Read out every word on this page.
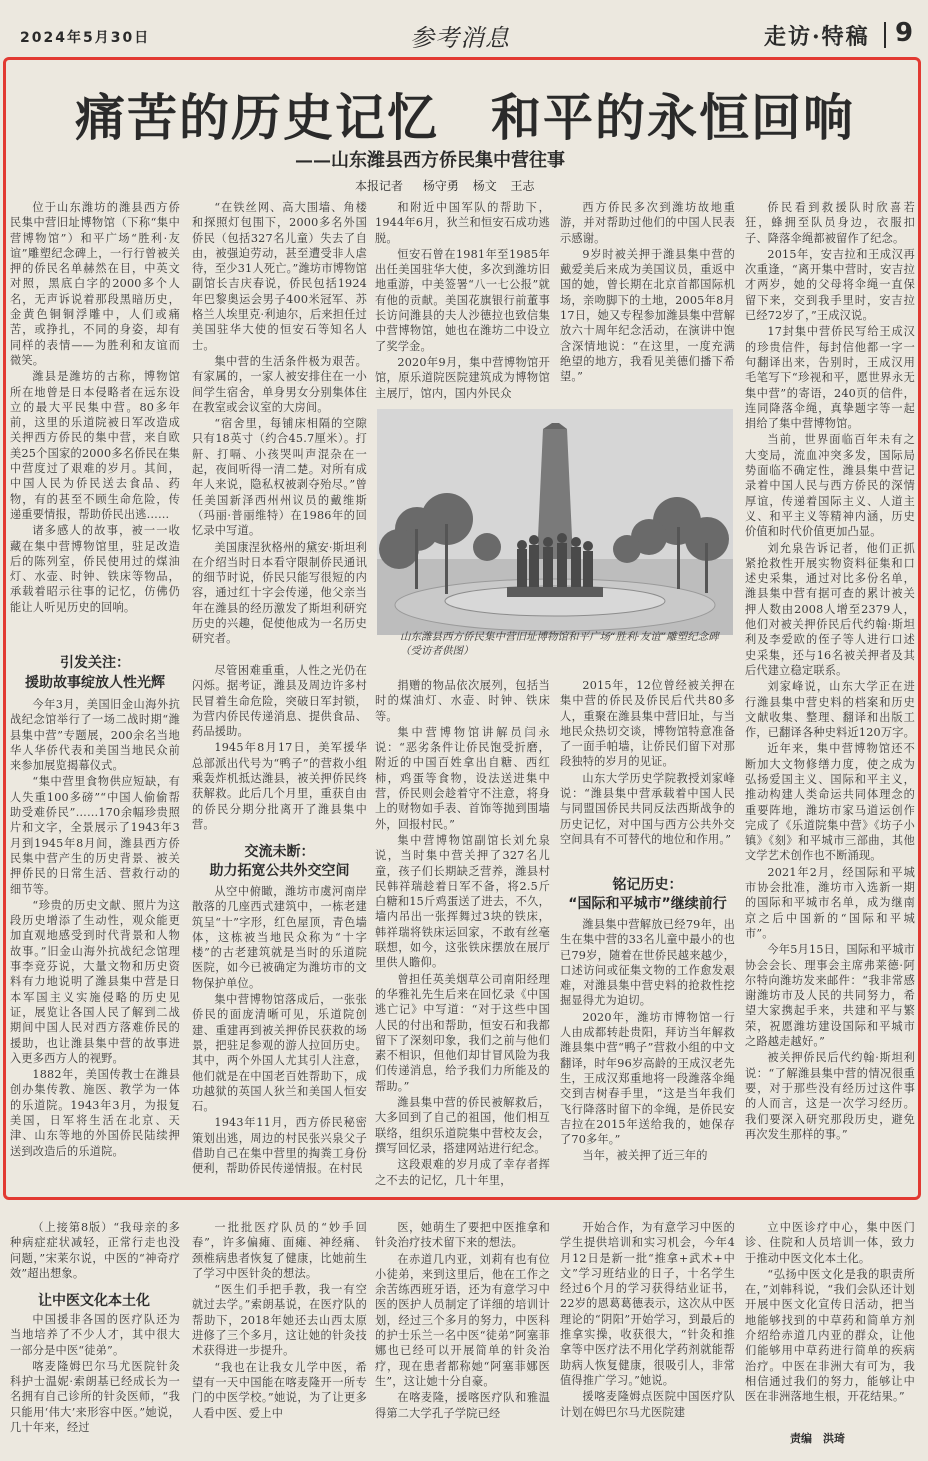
2024年5月30日	参考消息	走访·特稿 9
痛苦的历史记忆　和平的永恒回响
——山东潍县西方侨民集中营往事
本报记者 杨守勇 杨文 王志

位于山东潍坊的潍县西方侨民集中营旧址博物馆（下称“集中营博物馆”）和平广场“胜利·友谊”雕塑纪念碑上，一行行曾被关押的侨民名单赫然在目，中英文对照，黑底白字的2000多个人名，无声诉说着那段黑暗历史，金黄色铜铜浮雕中，人们或痛苦，或挣扎，不同的身姿，却有同样的表情——为胜利和友谊而微笑。

潍县是潍坊的古称，博物馆所在地曾是日本侵略者在远东设立的最大平民集中营。80多年前，这里的乐道院被日军改造成关押西方侨民的集中营，来自欧美25个国家的2000多名侨民在集中营度过了艰难的岁月。其间，中国人民为侨民送去食品、药物，有的甚至不顾生命危险，传递重要情报，帮助侨民出逃……

诸多感人的故事，被一一收藏在集中营博物馆里，驻足改造后的陈列室，侨民使用过的煤油灯、水壶、时钟、铁床等物品，承载着昭示往事的记忆，仿佛仍能让人听见历史的回响。

引发关注：
援助故事绽放人性光辉

今年3月，美国旧金山海外抗战纪念馆举行了一场二战时期“潍县集中营”专题展，200余名当地华人华侨代表和美国当地民众前来参加展览揭幕仪式。

“集中营里食物供应短缺，有人失重100多磅”“中国人偷偷帮助受难侨民”……170余幅珍贵照片和文字，全景展示了1943年3月到1945年8月间，潍县西方侨民集中营产生的历史背景、被关押侨民的日常生活、营救行动的细节等。

“珍贵的历史文献、照片为这段历史增添了生动性，观众能更加直观地感受到时代背景和人物故事。”旧金山海外抗战纪念馆理事李竞芬说，大量文物和历史资料有力地说明了潍县集中营是日本军国主义实施侵略的历史见证，展览让各国人民了解到二战期间中国人民对西方落难侨民的援助，也让潍县集中营的故事进入更多西方人的视野。

1882年，美国传教士在潍县创办集传教、施医、教学为一体的乐道院。1943年3月，为报复美国，日军将生活在北京、天津、山东等地的外国侨民陆续押送到改造后的乐道院。

“在铁丝网、高大围墙、角楼和探照灯包围下，2000多名外国侨民（包括327名儿童）失去了自由，被强迫劳动，甚至遭受非人虐待，至少31人死亡。”潍坊市博物馆副馆长吉庆春说，侨民包括1924年巴黎奥运会男子400米冠军、苏格兰人埃里克·利迪尔，后来担任过美国驻华大使的恒安石等知名人士。

集中营的生活条件极为艰苦。有家属的，一家人被安排住在一小间学生宿舍，单身男女分别集体住在教室或会议室的大房间。

“宿舍里，每铺床相隔的空隙只有18英寸（约合45.7厘米）。打鼾、打嗝、小孩哭叫声混杂在一起，夜间听得一清二楚。对所有成年人来说，隐私权被剥夺殆尽。”曾任美国新泽西州州议员的戴维斯（玛丽·普丽维特）在1986年的回忆录中写道。

美国康涅狄格州的黛安·斯坦利在介绍当时日本看守限制侨民通讯的细节时说，侨民只能写很短的内容，通过红十字会传递，他父亲当年在潍县的经历激发了斯坦利研究历史的兴趣，促使他成为一名历史研究者。

尽管困难重重，人性之光仍在闪烁。据考证，潍县及周边许多村民冒着生命危险，突破日军封锁，为营内侨民传递消息、提供食品、药品援助。

1945年8月17日，美军援华总部派出代号为“鸭子”的营救小组乘轰炸机抵达潍县，被关押侨民终获解救。此后几个月里，重获自由的侨民分期分批离开了潍县集中营。

交流未断：
助力拓宽公共外交空间

从空中俯瞰，潍坊市虞河南岸散落的几座西式建筑中，一栋老建筑呈“十”字形，红色屋顶，青色墙体，这栋被当地民众称为“十字楼”的古老建筑就是当时的乐道院医院，如今已被确定为潍坊市的文物保护单位。

集中营博物馆落成后，一张张侨民的面庞清晰可见，乐道院创建、重建再到被关押侨民获救的场景，把驻足参观的游人拉回历史。其中，两个外国人尤其引人注意，他们就是在中国老百姓帮助下，成功越狱的英国人狄兰和美国人恒安石。

1943年11月，西方侨民秘密策划出逃，周边的村民张兴泉父子借助自己在集中营里的掏粪工身份便利，帮助侨民传递情报。在村民

和附近中国军队的帮助下，1944年6月，狄兰和恒安石成功逃脱。

恒安石曾在1981年至1985年出任美国驻华大使，多次到潍坊旧地重游，中美签署“八一七公报”就有他的贡献。美国花旗银行前董事长访问潍县的夫人沙德拉也致信集中营博物馆，她也在潍坊二中设立了奖学金。

2020年9月，集中营博物馆开馆，原乐道院医院建筑成为博物馆主展厅，馆内，国内外民众

捐赠的物品依次展列，包括当时的煤油灯、水壶、时钟、铁床等。

集中营博物馆讲解员闫永说：“恶劣条件让侨民饱受折磨，附近的中国百姓拿出自糖、西红柿，鸡蛋等食物，设法送进集中营，侨民则会趁着守不注意，将身上的财物如手表、首饰等抛到围墙外，回报村民。”

集中营博物馆副馆长刘允泉说，当时集中营关押了327名儿童，孩子们长期缺乏营养，潍县村民韩祥瑞趁着日军不备，将2.5斤白糖和15斤鸡蛋送了进去，不久，墙内吊出一张挥舞过3块的铁床，韩祥瑞将铁床运回家，不敢有丝毫联想，如今，这张铁床摆放在展厅里供人瞻仰。

曾担任英美烟草公司南阳经理的华雅礼先生后来在回忆录《中国逃亡记》中写道：“对于这些中国人民的付出和帮助，恒安石和我都留下了深刻印象，我们之前与他们素不相识，但他们却甘冒风险为我们传递消息，给予我们力所能及的帮助。”

潍县集中营的侨民被解救后，大多回到了自己的祖国，他们相互联络，组织乐道院集中营校友会，撰写回忆录，搭建网站进行纪念。

这段艰难的岁月成了幸存者挥之不去的记忆，几十年里，

西方侨民多次到潍坊故地重游，并对帮助过他们的中国人民表示感谢。

9岁时被关押于潍县集中营的戴爱美后来成为美国议员，重返中国的她，曾长期在北京首都国际机场，亲吻脚下的土地，2005年8月17日，她又专程参加潍县集中营解放六十周年纪念活动，在演讲中饱含深情地说：“在这里，一度充满绝望的地方，我看见美德们播下希望。”

2015年，12位曾经被关押在集中营的侨民及侨民后代共80多人，重聚在潍县集中营旧址，与当地民众热切交谈，博物馆特意准备了一面手帕墙，让侨民们留下对那段独特的岁月的见证。

山东大学历史学院教授刘家峰说：“潍县集中营承载着中国人民与同盟国侨民共同反法西斯战争的历史记忆，对中国与西方公共外交空间具有不可替代的地位和作用。”

铭记历史：
“国际和平城市”继续前行

潍县集中营解放已经79年，出生在集中营的33名儿童中最小的也已79岁，随着在世侨民越来越少，口述访问或征集文物的工作愈发艰难，对潍县集中营史料的抢救性挖掘显得尤为迫切。

2020年，潍坊市博物馆一行人由成都转赴贵阳，拜访当年解救潍县集中营“鸭子”营救小组的中文翻译，时年96岁高龄的王成汉老先生，王成汉郑重地将一段潍落伞绳交到吉树春手里，“这是当年我们飞行降落时留下的伞绳，是侨民安吉拉在2015年送给我的，她保存了70多年。”

当年，被关押了近三年的

侨民看到救援队时欣喜若狂，蜂拥至队员身边，衣服扣子、降落伞绳都被留作了纪念。

2015年，安吉拉和王成汉再次重逢，“离开集中营时，安吉拉才两岁，她的父母将伞绳一直保留下来，交到我手里时，安吉拉已经72岁了，”王成汉说。

17封集中营侨民写给王成汉的珍贵信件，每封信他都一字一句翻译出来，告别时，王成汉用毛笔写下“珍视和平，愿世界永无集中营”的寄语，240页的信件，连同降落伞绳，真挚题字等一起捐给了集中营博物馆。

当前，世界面临百年未有之大变局，流血冲突多发，国际局势面临不确定性，潍县集中营记录着中国人民与西方侨民的深情厚谊，传递着国际主义、人道主义、和平主义等精神内涵，历史价值和时代价值更加凸显。

刘允泉告诉记者，他们正抓紧抢救性开展实物资料征集和口述史采集，通过对比多份名单，潍县集中营有据可查的累计被关押人数由2008人增至2379人，他们对被关押侨民后代约翰·斯坦利及李爱欧的侄子等人进行口述史采集，还与16名被关押者及其后代建立稳定联系。

刘家峰说，山东大学正在进行潍县集中营史料的档案和历史文献收集、整理、翻译和出版工作，已翻译各种史料近120万字。

近年来，集中营博物馆还不断加大文物修缮力度，使之成为弘扬爱国主义、国际和平主义，推动构建人类命运共同体理念的重要阵地，潍坊市家马道运创作完成了《乐道院集中营》《坊子小镇》《刻》和平城市三部曲，其他文学艺术创作也不断涌现。

2021年2月，经国际和平城市协会批准，潍坊市入选新一期的国际和平城市名单，成为继南京之后中国新的“国际和平城市”。

今年5月15日，国际和平城市协会会长、理事会主席弗莱德·阿尔特向潍坊发来邮件：“我非常感谢潍坊市及人民的共同努力，希望大家携起手来，共建和平与繁荣，祝愿潍坊建设国际和平城市之路越走越好。”

被关押侨民后代约翰·斯坦利说：“了解潍县集中营的情况很重要，对于那些没有经历过这件事的人而言，这是一次学习经历。我们要深入研究那段历史，避免再次发生那样的事。”

山东潍县西方侨民集中营旧址博物馆和平广场“胜利·友谊”雕塑纪念碑（受访者供图）

（上接第8版）“我母亲的多种病症症状减轻，正常行走也没问题，”宋莱尔说，中医的“神奇疗效”超出想象。

让中医文化本土化

中国援非各国的医疗队还为当地培养了不少人才，其中很大一部分是中医“徒弟”。

喀麦隆姆巴尔马尤医院针灸科护士温妮·索朗基已经成长为一名拥有自己诊所的针灸医师，“我只能用‘伟大’来形容中医。”她说，几十年来，经过

一批批医疗队员的“妙手回春”，许多偏瘫、面瘫、神经痛、颈椎病患者恢复了健康，比她前生了学习中医针灸的想法。

“医生们手把手教，我一有空就过去学。”索朗基说，在医疗队的帮助下，2018年她还去山西太原进修了三个多月，这让她的针灸技术获得进一步提升。

“我也在让我女儿学中医，希望有一天中国能在喀麦隆开一所专门的中医学校。”她说，为了让更多人看中医、爱上中

医，她萌生了要把中医推拿和针灸治疗技术留下来的想法。

在赤道几内亚，刘莉有也有位小徒弟，来到这里后，他在工作之余苦练西班牙语，还为有意学习中医的医护人员制定了详细的培训计划，经过三个多月的努力，中医科的护士乐兰一名中医“徒弟”阿塞菲娜也已经可以开展简单的针灸治疗，现在患者都称她“阿塞菲娜医生”，这让她十分自豪。

在喀麦隆，援喀医疗队和雅温得第二大学孔子学院已经

开始合作，为有意学习中医的学生提供培训和实习机会，今年4月12日是新一批“推拿+武术+中文”学习班结业的日子，十名学生经过6个月的学习获得结业证书，22岁的恩葛葛德表示，这次从中医理论的“阴阳”开始学习，到最后的推拿实操，收获很大，“针灸和推拿等中医疗法不用化学药剂就能帮助病人恢复健康，很吸引人，非常值得推广学习。”她说。

援喀麦隆姆点医院中国医疗队计划在姆巴尔马尤医院建

立中医诊疗中心，集中医门诊、住院和人员培训一体，致力于推动中医文化本土化。

“弘扬中医文化是我的职责所在，”刘韩科说，“我们会队还计划开展中医文化宣传日活动，把当地能够找到的中草药和简单方剂介绍给赤道几内亚的群众，让他们能够用中草药进行简单的疾病治疗。中医在非洲大有可为，我相信通过我们的努力，能够让中医在非洲落地生根，开花结果。”

责编　洪琦
